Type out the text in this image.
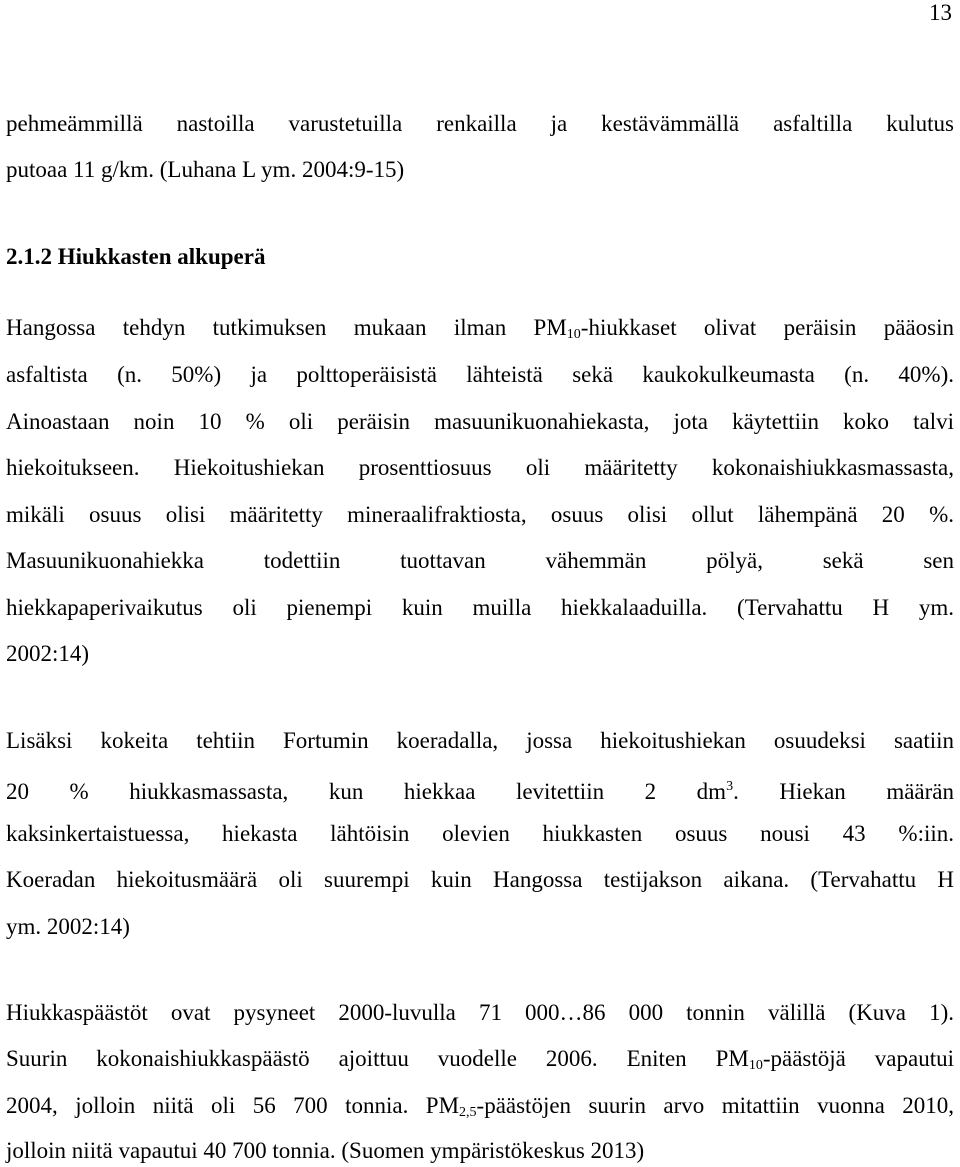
13
pehmeämmillä nastoilla varustetuilla renkailla ja kestävämmällä asfaltilla kulutus
putoaa 11 g/km. (Luhana L ym. 2004:9-15)
2.1.2 Hiukkasten alkuperä
Hangossa tehdyn tutkimuksen mukaan ilman $PM_{10}$-hiukkaset olivat peräisin pääosin
asfaltista (n. 50%) ja polttoperäisistä lähteistä sekä kaukokulkeumasta (n. 40%).
Ainoastaan noin 10 % oli peräisin masuunikuonahiekasta, jota käytettiin koko talvi
hiekoitukseen. Hiekoitushiekan prosenttiosuus oli määritetty kokonaishiukkasmassasta,
mikäli osuus olisi määritetty mineraalifraktiosta, osuus olisi ollut lähempänä 20 %.
Masuunikuonahiekka todettiin tuottavan vähemmän pölyä, sekä sen
hiekkapaperivaikutus oli pienempi kuin muilla hiekkalaaduilla. (Tervahattu H ym.
2002:14)
Lisäksi kokeita tehtiin Fortumin koeradalla, jossa hiekoitushiekan osuudeksi saatiin
20 % hiukkasmassasta, kun hiekkaa levitettiin 2 $dm^3$. Hiekan määrän
kaksinkertaistuessa, hiekasta lähtöisin olevien hiukkasten osuus nousi 43 %:iin.
Koeradan hiekoitusmäärä oli suurempi kuin Hangossa testijakson aikana. (Tervahattu H
ym. 2002:14)
Hiukkaspäästöt ovat pysyneet 2000-luvulla 71 000…86 000 tonnin välillä (Kuva 1).
Suurin kokonaishiukkaspäästö ajoittuu vuodelle 2006. Eniten $PM_{10}$-päästöjä vapautui
2004, jolloin niitä oli 56 700 tonnia. $PM_{2,5}$-päästöjen suurin arvo mitattiin vuonna 2010,
jolloin niitä vapautui 40 700 tonnia. (Suomen ympäristökeskus 2013)
